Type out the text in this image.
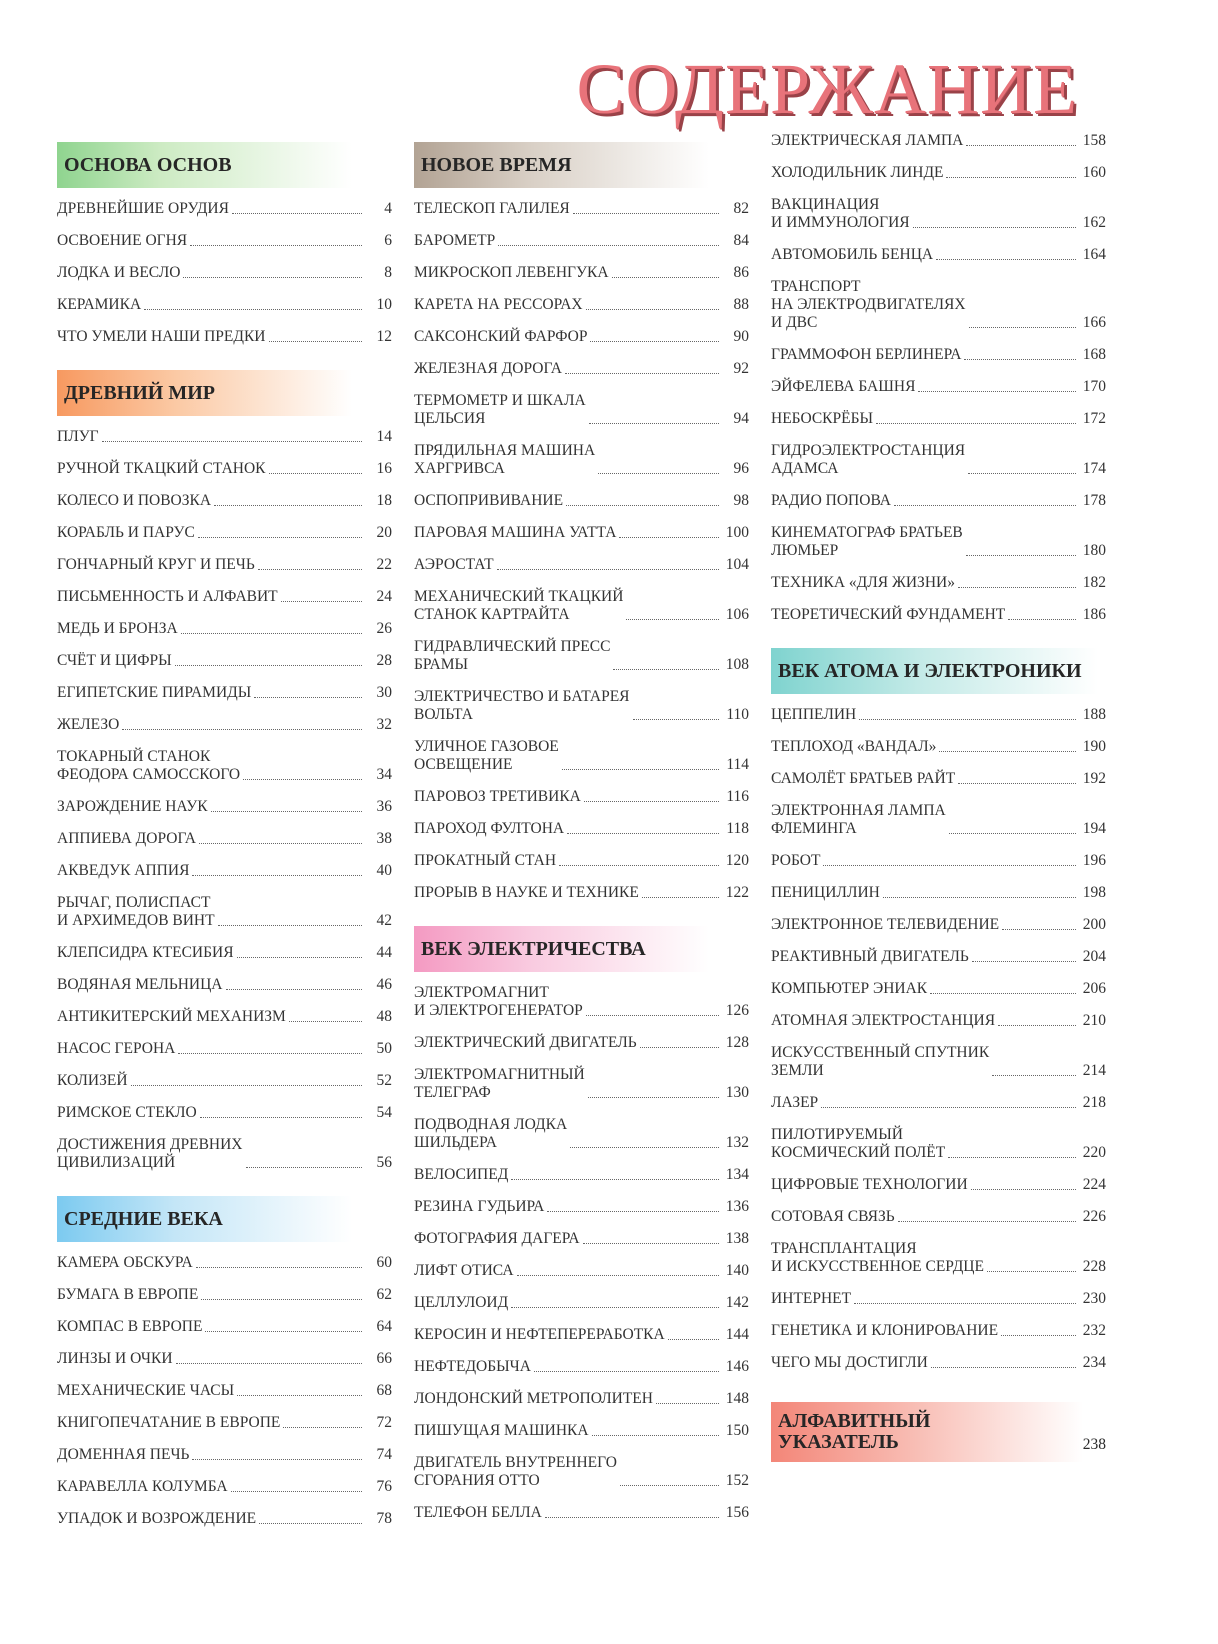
СОДЕРЖАНИЕ
ОСНОВА ОСНОВ
ДРЕВНЕЙШИЕ ОРУДИЯ	4
ОСВОЕНИЕ ОГНЯ	6
ЛОДКА И ВЕСЛО	8
КЕРАМИКА	10
ЧТО УМЕЛИ НАШИ ПРЕДКИ	12
ДРЕВНИЙ МИР
ПЛУГ	14
РУЧНОЙ ТКАЦКИЙ СТАНОК	16
КОЛЕСО И ПОВОЗКА	18
КОРАБЛЬ И ПАРУС	20
ГОНЧАРНЫЙ КРУГ И ПЕЧЬ	22
ПИСЬМЕННОСТЬ И АЛФАВИТ	24
МЕДЬ И БРОНЗА	26
СЧЁТ И ЦИФРЫ	28
ЕГИПЕТСКИЕ ПИРАМИДЫ	30
ЖЕЛЕЗО	32
ТОКАРНЫЙ СТАНОК
ФЕОДОРА САМОССКОГО	34
ЗАРОЖДЕНИЕ НАУК	36
АППИЕВА ДОРОГА	38
АКВЕДУК АППИЯ	40
РЫЧАГ, ПОЛИСПАСТ
И АРХИМЕДОВ ВИНТ	42
КЛЕПСИДРА КТЕСИБИЯ	44
ВОДЯНАЯ МЕЛЬНИЦА	46
АНТИКИТЕРСКИЙ МЕХАНИЗМ	48
НАСОС ГЕРОНА	50
КОЛИЗЕЙ	52
РИМСКОЕ СТЕКЛО	54
ДОСТИЖЕНИЯ ДРЕВНИХ
ЦИВИЛИЗАЦИЙ	56
СРЕДНИЕ ВЕКА
КАМЕРА ОБСКУРА	60
БУМАГА В ЕВРОПЕ	62
КОМПАС В ЕВРОПЕ	64
ЛИНЗЫ И ОЧКИ	66
МЕХАНИЧЕСКИЕ ЧАСЫ	68
КНИГОПЕЧАТАНИЕ В ЕВРОПЕ	72
ДОМЕННАЯ ПЕЧЬ	74
КАРАВЕЛЛА КОЛУМБА	76
УПАДОК И ВОЗРОЖДЕНИЕ	78
НОВОЕ ВРЕМЯ
ТЕЛЕСКОП ГАЛИЛЕЯ	82
БАРОМЕТР	84
МИКРОСКОП ЛЕВЕНГУКА	86
КАРЕТА НА РЕССОРАХ	88
САКСОНСКИЙ ФАРФОР	90
ЖЕЛЕЗНАЯ ДОРОГА	92
ТЕРМОМЕТР И ШКАЛА
ЦЕЛЬСИЯ	94
ПРЯДИЛЬНАЯ МАШИНА
ХАРГРИВСА	96
ОСПОПРИВИВАНИЕ	98
ПАРОВАЯ МАШИНА УАТТА	100
АЭРОСТАТ	104
МЕХАНИЧЕСКИЙ ТКАЦКИЙ
СТАНОК КАРТРАЙТА	106
ГИДРАВЛИЧЕСКИЙ ПРЕСС
БРАМЫ	108
ЭЛЕКТРИЧЕСТВО И БАТАРЕЯ
ВОЛЬТА	110
УЛИЧНОЕ ГАЗОВОЕ
ОСВЕЩЕНИЕ	114
ПАРОВОЗ ТРЕТИВИКА	116
ПАРОХОД ФУЛТОНА	118
ПРОКАТНЫЙ СТАН	120
ПРОРЫВ В НАУКЕ И ТЕХНИКЕ	122
ВЕК ЭЛЕКТРИЧЕСТВА
ЭЛЕКТРОМАГНИТ
И ЭЛЕКТРОГЕНЕРАТОР	126
ЭЛЕКТРИЧЕСКИЙ ДВИГАТЕЛЬ	128
ЭЛЕКТРОМАГНИТНЫЙ
ТЕЛЕГРАФ	130
ПОДВОДНАЯ ЛОДКА
ШИЛЬДЕРА	132
ВЕЛОСИПЕД	134
РЕЗИНА ГУДЬИРА	136
ФОТОГРАФИЯ ДАГЕРА	138
ЛИФТ ОТИСА	140
ЦЕЛЛУЛОИД	142
КЕРОСИН И НЕФТЕПЕРЕРАБОТКА	144
НЕФТЕДОБЫЧА	146
ЛОНДОНСКИЙ МЕТРОПОЛИТЕН	148
ПИШУЩАЯ МАШИНКА	150
ДВИГАТЕЛЬ ВНУТРЕННЕГО
СГОРАНИЯ ОТТО	152
ТЕЛЕФОН БЕЛЛА	156
ЭЛЕКТРИЧЕСКАЯ ЛАМПА	158
ХОЛОДИЛЬНИК ЛИНДЕ	160
ВАКЦИНАЦИЯ
И ИММУНОЛОГИЯ	162
АВТОМОБИЛЬ БЕНЦА	164
ТРАНСПОРТ
НА ЭЛЕКТРОДВИГАТЕЛЯХ
И ДВС	166
ГРАММОФОН БЕРЛИНЕРА	168
ЭЙФЕЛЕВА БАШНЯ	170
НЕБОСКРЁБЫ	172
ГИДРОЭЛЕКТРОСТАНЦИЯ
АДАМСА	174
РАДИО ПОПОВА	178
КИНЕМАТОГРАФ БРАТЬЕВ
ЛЮМЬЕР	180
ТЕХНИКА «ДЛЯ ЖИЗНИ»	182
ТЕОРЕТИЧЕСКИЙ ФУНДАМЕНТ	186
ВЕК АТОМА И ЭЛЕКТРОНИКИ
ЦЕППЕЛИН	188
ТЕПЛОХОД «ВАНДАЛ»	190
САМОЛЁТ БРАТЬЕВ РАЙТ	192
ЭЛЕКТРОННАЯ ЛАМПА
ФЛЕМИНГА	194
РОБОТ	196
ПЕНИЦИЛЛИН	198
ЭЛЕКТРОННОЕ ТЕЛЕВИДЕНИЕ	200
РЕАКТИВНЫЙ ДВИГАТЕЛЬ	204
КОМПЬЮТЕР ЭНИАК	206
АТОМНАЯ ЭЛЕКТРОСТАНЦИЯ	210
ИСКУССТВЕННЫЙ СПУТНИК
ЗЕМЛИ	214
ЛАЗЕР	218
ПИЛОТИРУЕМЫЙ
КОСМИЧЕСКИЙ ПОЛЁТ	220
ЦИФРОВЫЕ ТЕХНОЛОГИИ	224
СОТОВАЯ СВЯЗЬ	226
ТРАНСПЛАНТАЦИЯ
И ИСКУССТВЕННОЕ СЕРДЦЕ	228
ИНТЕРНЕТ	230
ГЕНЕТИКА И КЛОНИРОВАНИЕ	232
ЧЕГО МЫ ДОСТИГЛИ	234
АЛФАВИТНЫЙ
УКАЗАТЕЛЬ	238
